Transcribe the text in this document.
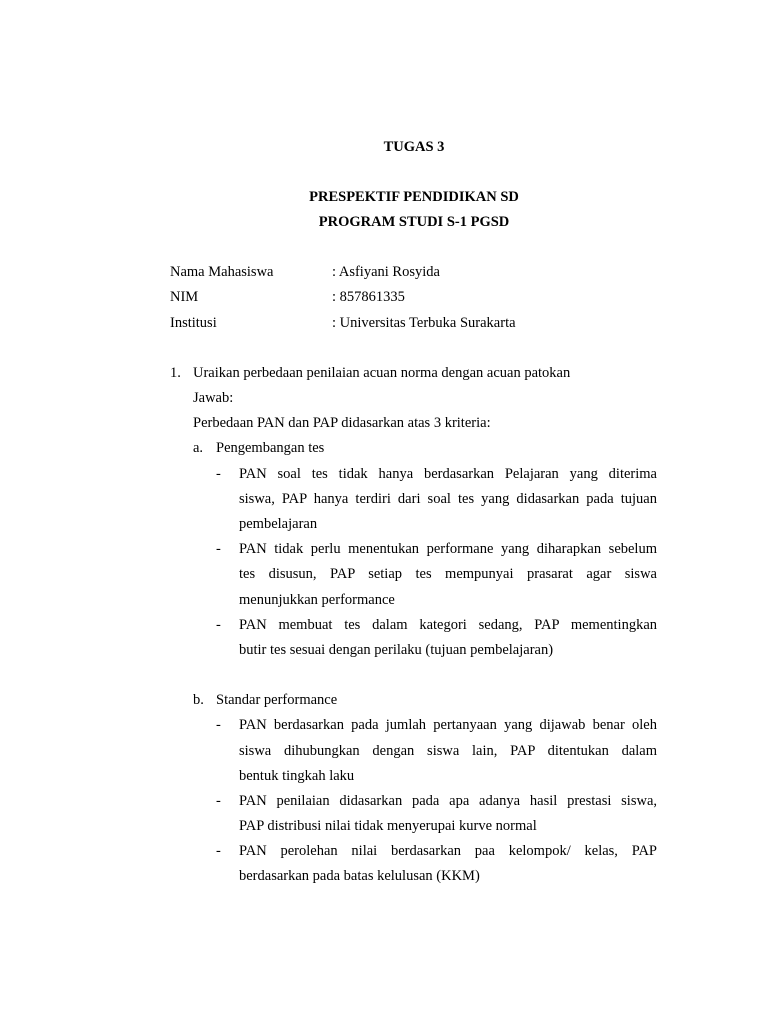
TUGAS 3
PRESPEKTIF PENDIDIKAN SD
PROGRAM STUDI S-1 PGSD
Nama Mahasiswa	: Asfiyani Rosyida
NIM	: 857861335
Institusi	: Universitas Terbuka Surakarta
1. Uraikan perbedaan penilaian acuan norma dengan acuan patokan
Jawab:
Perbedaan PAN dan PAP didasarkan atas 3 kriteria:
a. Pengembangan tes
- PAN soal tes tidak hanya berdasarkan Pelajaran yang diterima
siswa, PAP hanya terdiri dari soal tes yang didasarkan pada tujuan
pembelajaran
- PAN tidak perlu menentukan performane yang diharapkan sebelum
tes disusun, PAP setiap tes mempunyai prasarat agar siswa
menunjukkan performance
- PAN membuat tes dalam kategori sedang, PAP mementingkan
butir tes sesuai dengan perilaku (tujuan pembelajaran)
b. Standar performance
- PAN berdasarkan pada jumlah pertanyaan yang dijawab benar oleh
siswa dihubungkan dengan siswa lain, PAP ditentukan dalam
bentuk tingkah laku
- PAN penilaian didasarkan pada apa adanya hasil prestasi siswa,
PAP distribusi nilai tidak menyerupai kurve normal
- PAN perolehan nilai berdasarkan paa kelompok/ kelas, PAP
berdasarkan pada batas kelulusan (KKM)
